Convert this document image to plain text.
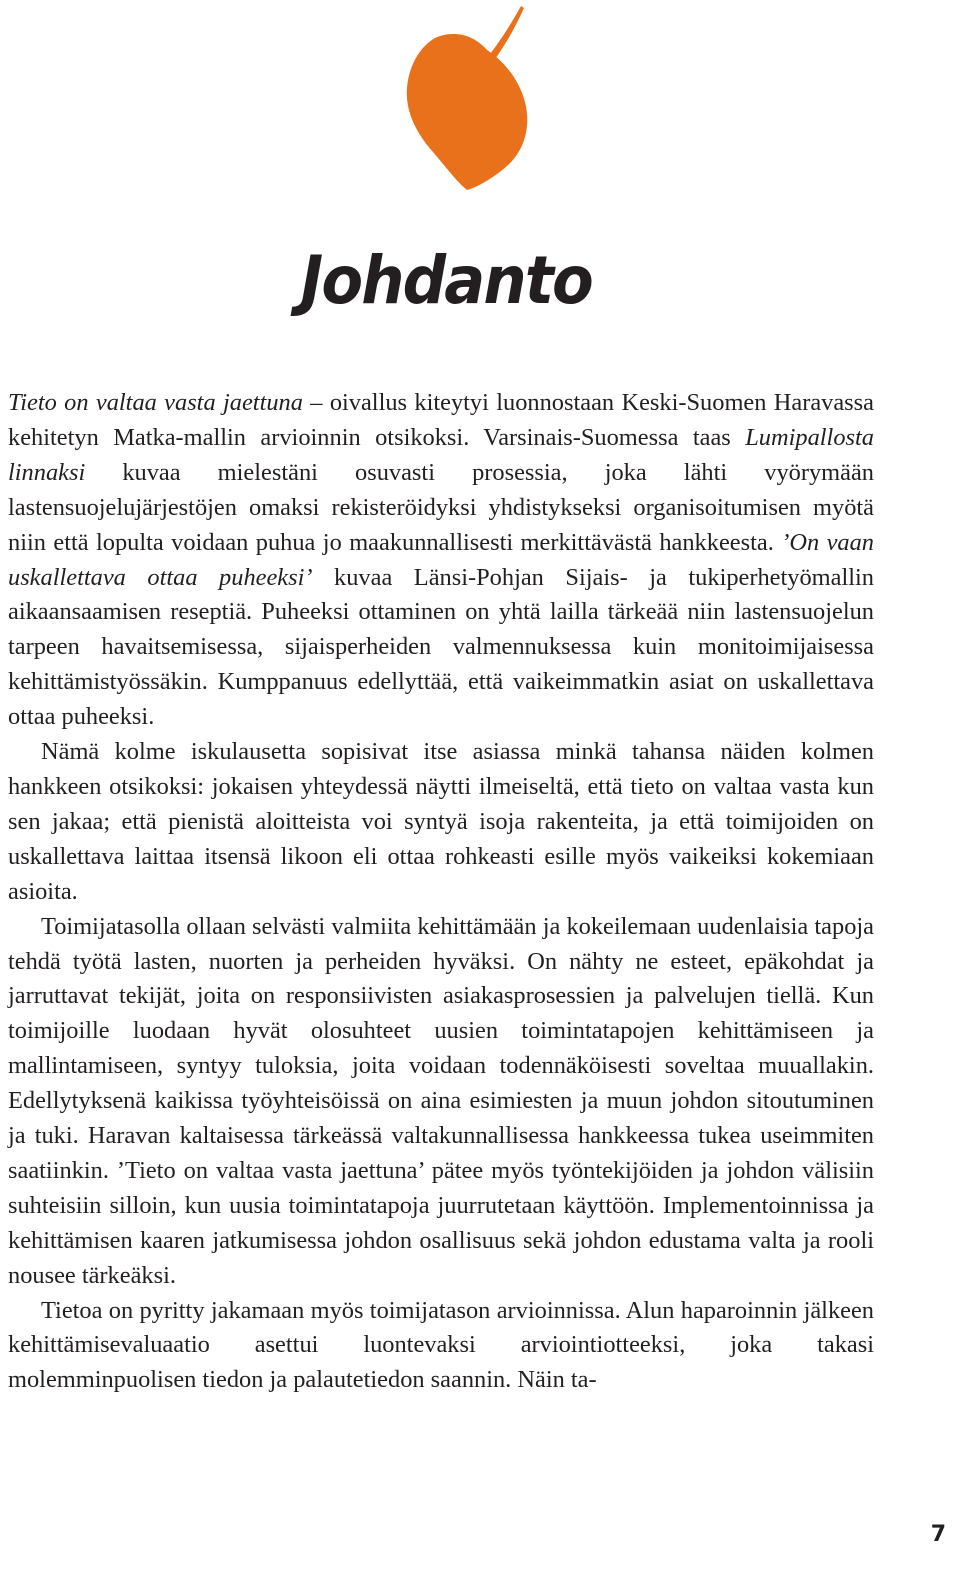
Johdanto

Tieto on valtaa vasta jaettuna – oivallus kiteytyi luonnostaan Keski-Suomen Haravassa kehitetyn Matka-mallin arvioinnin otsikoksi. Varsinais-Suomessa taas Lumipallosta linnaksi kuvaa mielestäni osuvasti prosessia, joka lähti vyörymään lastensuojelujärjestöjen omaksi rekisteröidyksi yhdistykseksi organisoitumisen myötä niin että lopulta voidaan puhua jo maakunnallisesti merkittävästä hankkeesta. ’On vaan uskallettava ottaa puheeksi’ kuvaa Länsi-Pohjan Sijais- ja tukiperhetyömallin aikaansaamisen reseptiä. Puheeksi ottaminen on yhtä lailla tärkeää niin lastensuojelun tarpeen havaitsemisessa, sijaisperheiden valmennuksessa kuin monitoimijaisessa kehittämistyössäkin. Kumppanuus edellyttää, että vaikeimmatkin asiat on uskallettava ottaa puheeksi.

Nämä kolme iskulausetta sopisivat itse asiassa minkä tahansa näiden kolmen hankkeen otsikoksi: jokaisen yhteydessä näytti ilmeiseltä, että tieto on valtaa vasta kun sen jakaa; että pienistä aloitteista voi syntyä isoja rakenteita, ja että toimijoiden on uskallettava laittaa itsensä likoon eli ottaa rohkeasti esille myös vaikeiksi kokemiaan asioita.

Toimijatasolla ollaan selvästi valmiita kehittämään ja kokeilemaan uudenlaisia tapoja tehdä työtä lasten, nuorten ja perheiden hyväksi. On nähty ne esteet, epäkohdat ja jarruttavat tekijät, joita on responsiivisten asiakasprosessien ja palvelujen tiellä. Kun toimijoille luodaan hyvät olosuhteet uusien toimintatapojen kehittämiseen ja mallintamiseen, syntyy tuloksia, joita voidaan todennäköisesti soveltaa muuallakin. Edellytyksenä kaikissa työyhteisöissä on aina esimiesten ja muun johdon sitoutuminen ja tuki. Haravan kaltaisessa tärkeässä valtakunnallisessa hankkeessa tukea useimmiten saatiinkin. ’Tieto on valtaa vasta jaettuna’ pätee myös työntekijöiden ja johdon välisiin suhteisiin silloin, kun uusia toimintatapoja juurrutetaan käyttöön. Implementoinnissa ja kehittämisen kaaren jatkumisessa johdon osallisuus sekä johdon edustama valta ja rooli nousee tärkeäksi.

Tietoa on pyritty jakamaan myös toimijatason arvioinnissa. Alun haparoinnin jälkeen kehittämisevaluaatio asettui luontevaksi arviointiotteeksi, joka takasi molemminpuolisen tiedon ja palautetiedon saannin. Näin ta-

7
